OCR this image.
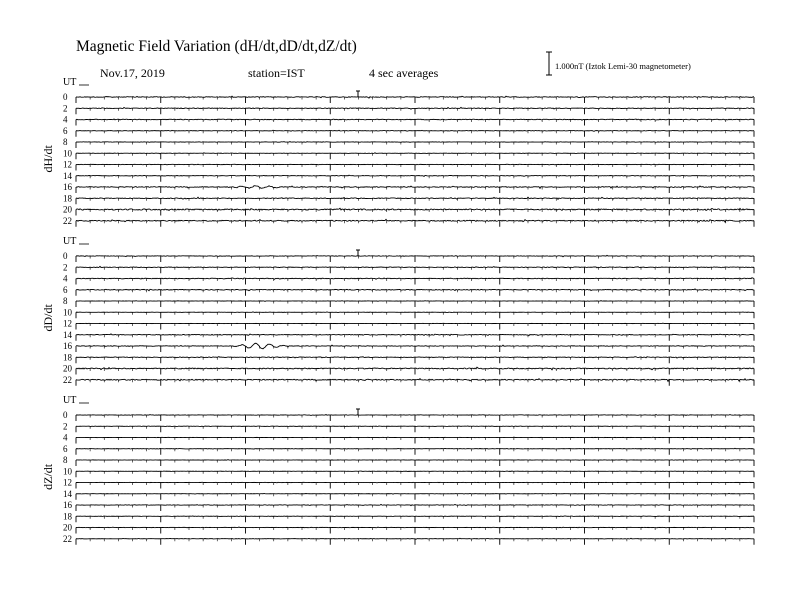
Magnetic Field Variation (dH/dt,dD/dt,dZ/dt)
Nov.17, 2019	station=IST	4 sec averages	1.000nT (Iztok Lemi-30 magnetometer)
UT
dH/dt
0
2
4
6
8
10
12
14
16
18
20
22
UT
dD/dt
0
2
4
6
8
10
12
14
16
18
20
22
UT
dZ/dt
0
2
4
6
8
10
12
14
16
18
20
22
